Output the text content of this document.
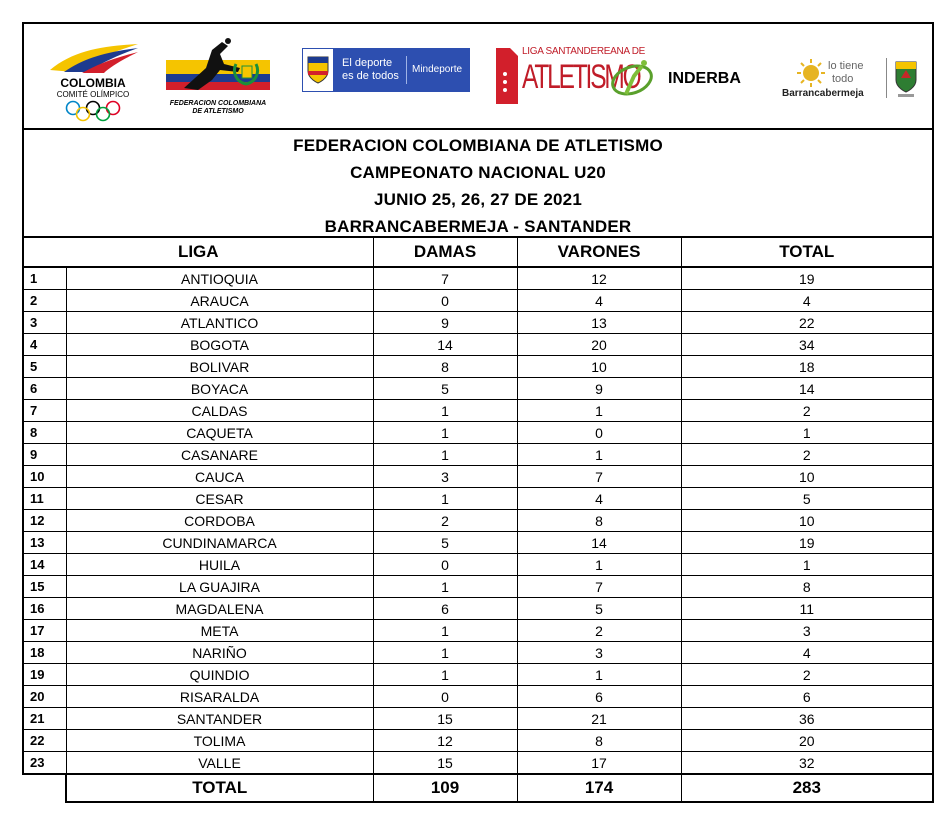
COLOMBIA
COMITÉ OLÍMPICO
FEDERACION COLOMBIANA
DE ATLETISMO
El deporte
es de todos
Mindeporte
LIGA SANTANDEREANA DE
ATLETISMO INDERBA
lo tiene
todo
Barrancabermeja
FEDERACION COLOMBIANA DE ATLETISMO
CAMPEONATO NACIONAL U20
JUNIO 25, 26, 27 DE 2021
BARRANCABERMEJA - SANTANDER
LIGA		DAMAS	VARONES	TOTAL
1	ANTIOQUIA	7	12	19
2	ARAUCA	0	4	4
3	ATLANTICO	9	13	22
4	BOGOTA	14	20	34
5	BOLIVAR	8	10	18
6	BOYACA	5	9	14
7	CALDAS	1	1	2
8	CAQUETA	1	0	1
9	CASANARE	1	1	2
10	CAUCA	3	7	10
11	CESAR	1	4	5
12	CORDOBA	2	8	10
13	CUNDINAMARCA	5	14	19
14	HUILA	0	1	1
15	LA GUAJIRA	1	7	8
16	MAGDALENA	6	5	11
17	META	1	2	3
18	NARIÑO	1	3	4
19	QUINDIO	1	1	2
20	RISARALDA	0	6	6
21	SANTANDER	15	21	36
22	TOLIMA	12	8	20
23	VALLE	15	17	32
	TOTAL	109	174	283
